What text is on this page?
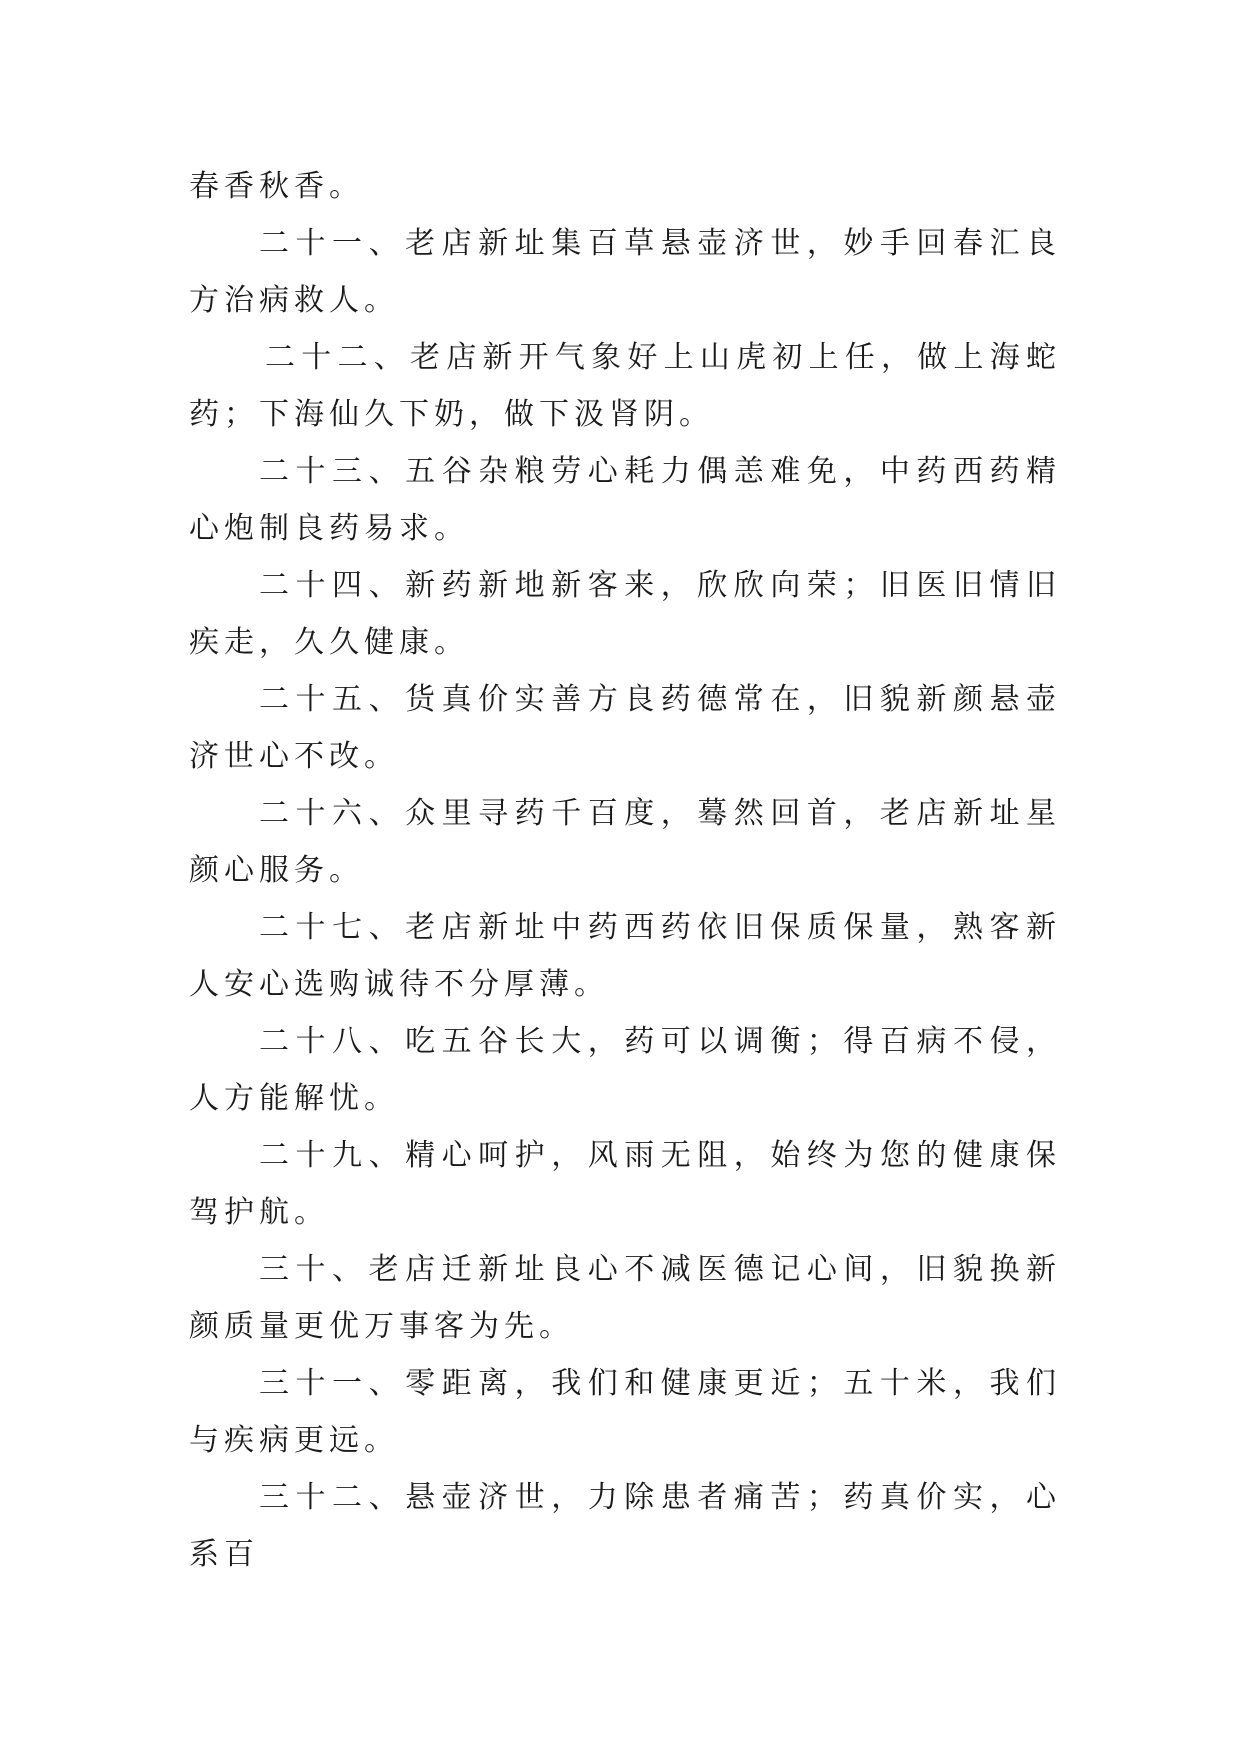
春香秋香。

二十一、老店新址集百草悬壶济世，妙手回春汇良方治病救人。

二十二、老店新开气象好上山虎初上任，做上海蛇药；下海仙久下奶，做下汲肾阴。

二十三、五谷杂粮劳心耗力偶恙难免，中药西药精心炮制良药易求。

二十四、新药新地新客来，欣欣向荣；旧医旧情旧疾走，久久健康。

二十五、货真价实善方良药德常在，旧貌新颜悬壶济世心不改。

二十六、众里寻药千百度，蓦然回首，老店新址星颜心服务。

二十七、老店新址中药西药依旧保质保量，熟客新人安心选购诚待不分厚薄。

二十八、吃五谷长大，药可以调衡；得百病不侵，人方能解忧。

二十九、精心呵护，风雨无阻，始终为您的健康保驾护航。

三十、老店迁新址良心不减医德记心间，旧貌换新颜质量更优万事客为先。

三十一、零距离，我们和健康更近；五十米，我们与疾病更远。

三十二、悬壶济世，力除患者痛苦；药真价实，心系百
